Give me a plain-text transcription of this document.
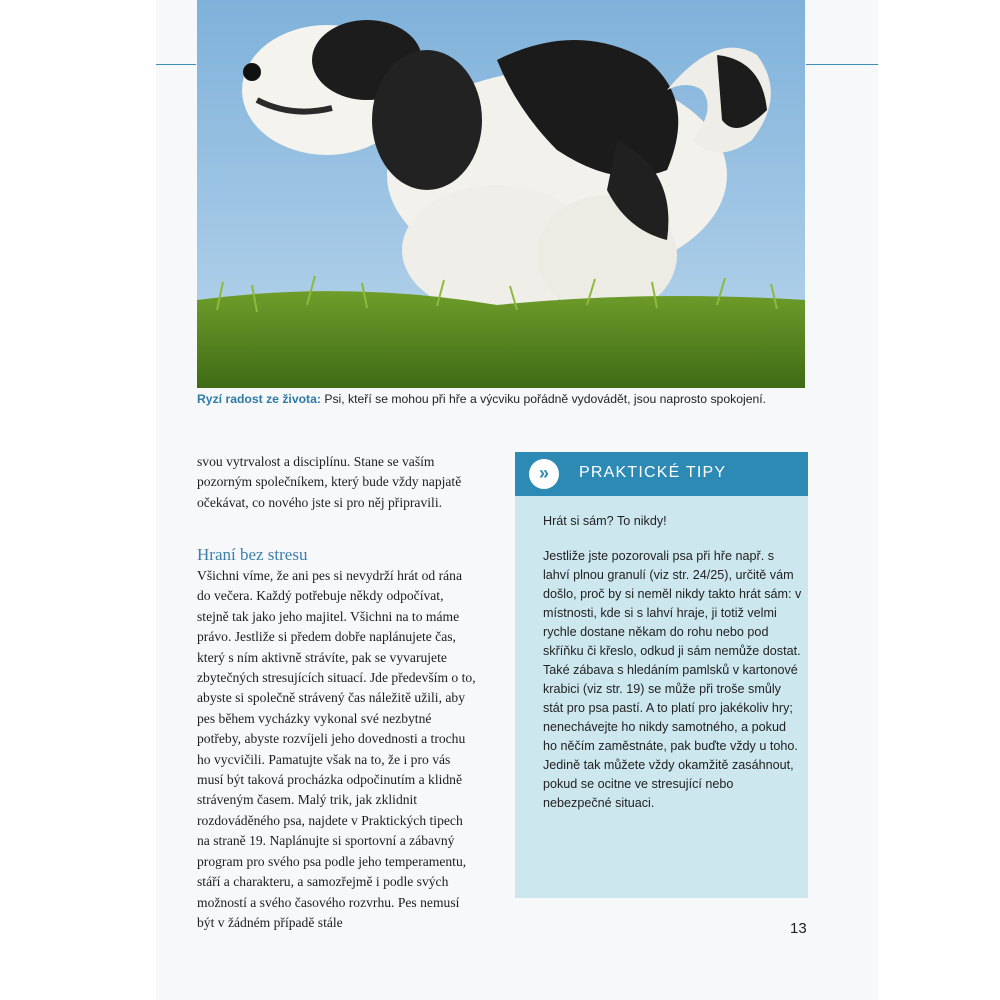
Ryzí radost ze života: Psi, kteří se mohou při hře a výcviku pořádně vydovádět, jsou naprosto spokojení.

svou vytrvalost a disciplínu. Stane se vaším pozorným společníkem, který bude vždy napjatě očekávat, co nového jste si pro něj připravili.

Hraní bez stresu

Všichni víme, že ani pes si nevydrží hrát od rána do večera. Každý potřebuje někdy odpočívat, stejně tak jako jeho majitel. Všichni na to máme právo. Jestliže si předem dobře naplánujete čas, který s ním aktivně strávíte, pak se vyvarujete zbytečných stresujících situací. Jde především o to, abyste si společně strávený čas náležitě užili, aby pes během vycházky vykonal své nezbytné potřeby, abyste rozvíjeli jeho dovednosti a trochu ho vycvičili. Pamatujte však na to, že i pro vás musí být taková procházka odpočinutím a klidně stráveným časem. Malý trik, jak zklidnit rozdováděného psa, najdete v Praktických tipech na straně 19. Naplánujte si sportovní a zábavný program pro svého psa podle jeho temperamentu, stáří a charakteru, a samozřejmě i podle svých možností a svého časového rozvrhu. Pes nemusí být v žádném případě stále

» PRAKTICKÉ TIPY
Hrát si sám? To nikdy!
Jestliže jste pozorovali psa při hře např. s lahví plnou granulí (viz str. 24/25), určitě vám došlo, proč by si neměl nikdy takto hrát sám: v místnosti, kde si s lahví hraje, ji totiž velmi rychle dostane někam do rohu nebo pod skříňku či křeslo, odkud ji sám nemůže dostat. Také zábava s hledáním pamlsků v kartonové krabici (viz str. 19) se může při troše smůly stát pro psa pastí. A to platí pro jakékoliv hry; nenechávejte ho nikdy samotného, a pokud ho něčím zaměstnáte, pak buďte vždy u toho. Jedině tak můžete vždy okamžitě zasáhnout, pokud se ocitne ve stresující nebo nebezpečné situaci.
13
